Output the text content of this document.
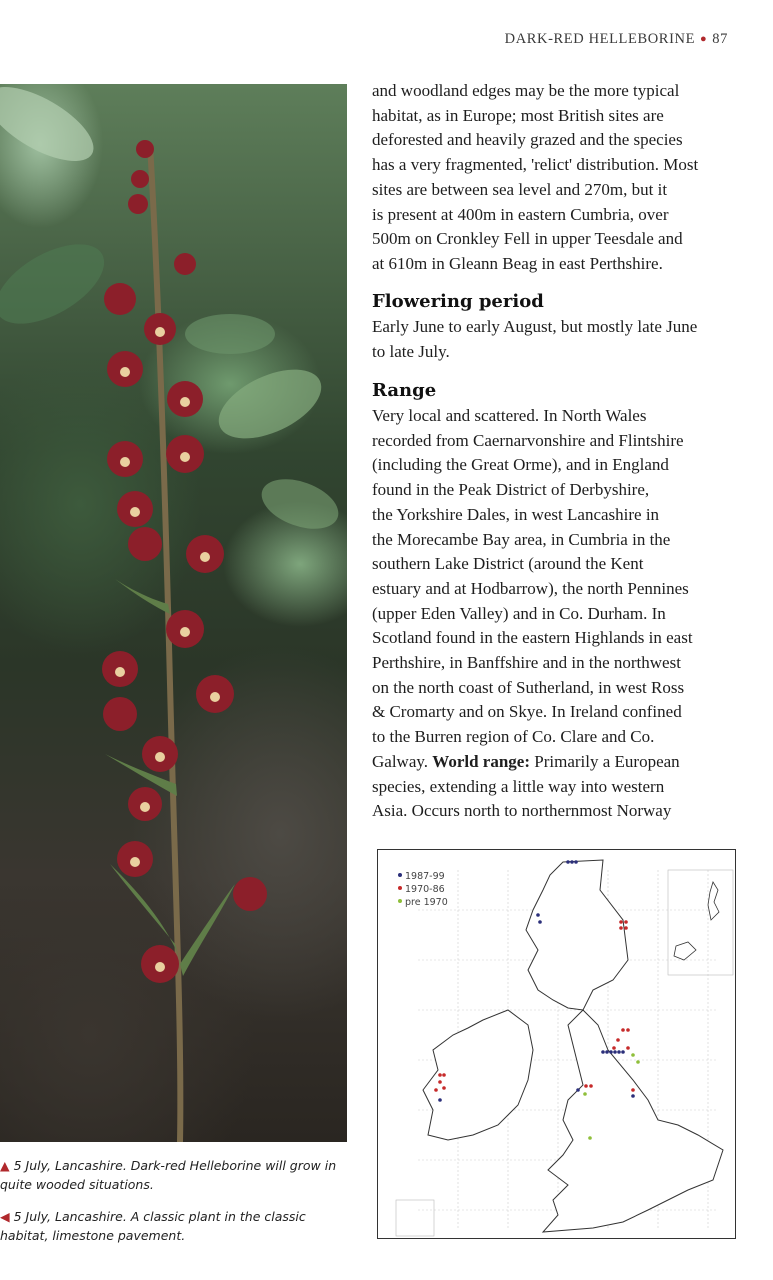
DARK-RED HELLEBORINE ● 87
▲ 5 July, Lancashire. Dark-red Helleborine will grow in quite wooded situations.
◀ 5 July, Lancashire. A classic plant in the classic habitat, limestone pavement.
and woodland edges may be the more typical
habitat, as in Europe; most British sites are
deforested and heavily grazed and the species
has a very fragmented, 'relict' distribution. Most
sites are between sea level and 270m, but it
is present at 400m in eastern Cumbria, over
500m on Cronkley Fell in upper Teesdale and
at 610m in Gleann Beag in east Perthshire.
Flowering period
Early June to early August, but mostly late June
to late July.
Range
Very local and scattered. In North Wales
recorded from Caernarvonshire and Flintshire
(including the Great Orme), and in England
found in the Peak District of Derbyshire,
the Yorkshire Dales, in west Lancashire in
the Morecambe Bay area, in Cumbria in the
southern Lake District (around the Kent
estuary and at Hodbarrow), the north Pennines
(upper Eden Valley) and in Co. Durham. In
Scotland found in the eastern Highlands in east
Perthshire, in Banffshire and in the northwest
on the north coast of Sutherland, in west Ross
& Cromarty and on Skye. In Ireland confined
to the Burren region of Co. Clare and Co.
Galway. World range: Primarily a European
species, extending a little way into western
Asia. Occurs north to northernmost Norway
1987-99
1970-86
pre 1970
